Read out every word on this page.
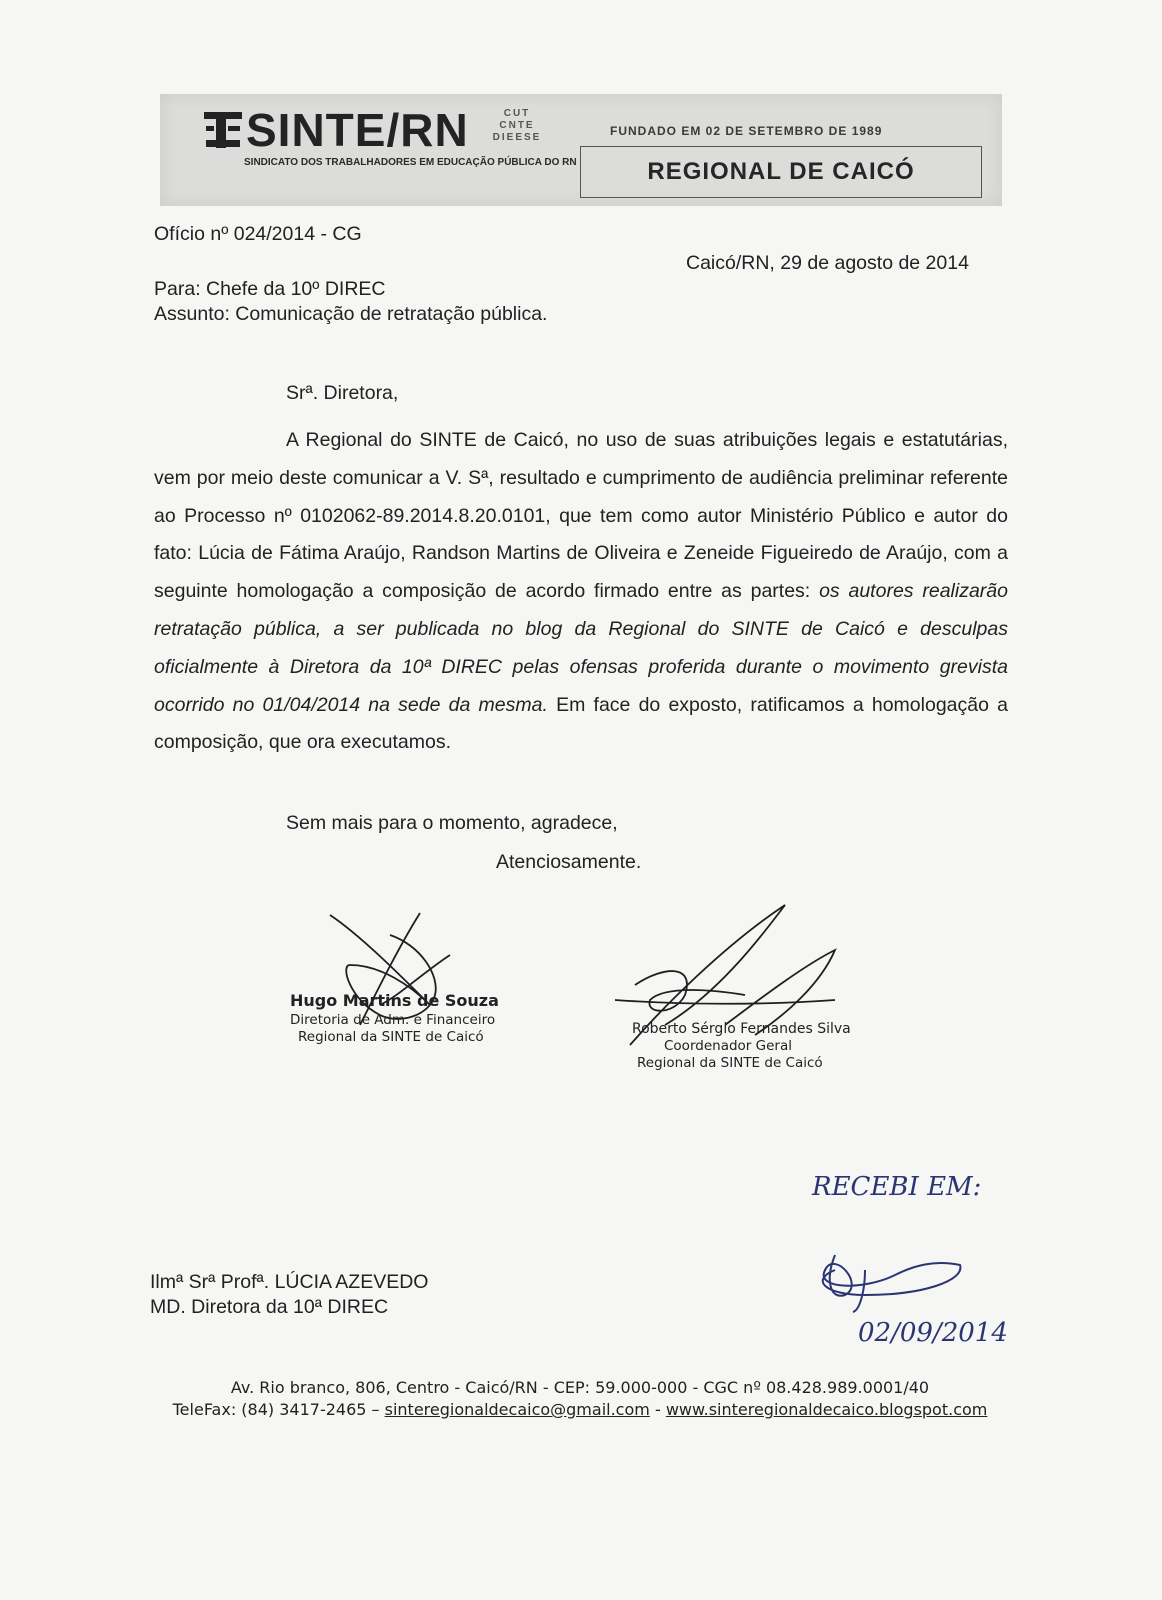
SINTE/RN	CUT
CNTE
DIEESE
SINDICATO DOS TRABALHADORES EM EDUCAÇÃO PÚBLICA DO RN
FUNDADO EM 02 DE SETEMBRO DE 1989
REGIONAL DE CAICÓ
Ofício nº 024/2014 - CG
Caicó/RN, 29 de agosto de 2014
Para: Chefe da 10º DIREC
Assunto: Comunicação de retratação pública.
Srª. Diretora,
A Regional do SINTE de Caicó, no uso de suas atribuições legais e estatutárias, vem por meio deste comunicar a V. Sª, resultado e cumprimento de audiência preliminar referente ao Processo nº 0102062-89.2014.8.20.0101, que tem como autor Ministério Público e autor do fato: Lúcia de Fátima Araújo, Randson Martins de Oliveira e Zeneide Figueiredo de Araújo, com a seguinte homologação a composição de acordo firmado entre as partes: os autores realizarão retratação pública, a ser publicada no blog da Regional do SINTE de Caicó e desculpas oficialmente à Diretora da 10ª DIREC pelas ofensas proferida durante o movimento grevista ocorrido no 01/04/2014 na sede da mesma. Em face do exposto, ratificamos a homologação a composição, que ora executamos.
Sem mais para o momento, agradece,
Atenciosamente.
Hugo Martins de Souza
Diretoria de Adm. e Financeiro
Regional da SINTE de Caicó	Roberto Sérgio Fernandes Silva
Coordenador Geral
Regional da SINTE de Caicó
RECEBI EM:
02/09/2014
Ilmª Srª Profª. LÚCIA AZEVEDO
MD. Diretora da 10ª DIREC
Av. Rio branco, 806, Centro - Caicó/RN - CEP: 59.000-000 - CGC nº 08.428.989.0001/40
TeleFax: (84) 3417-2465 – sinteregionaldecaico@gmail.com - www.sinteregionaldecaico.blogspot.com
